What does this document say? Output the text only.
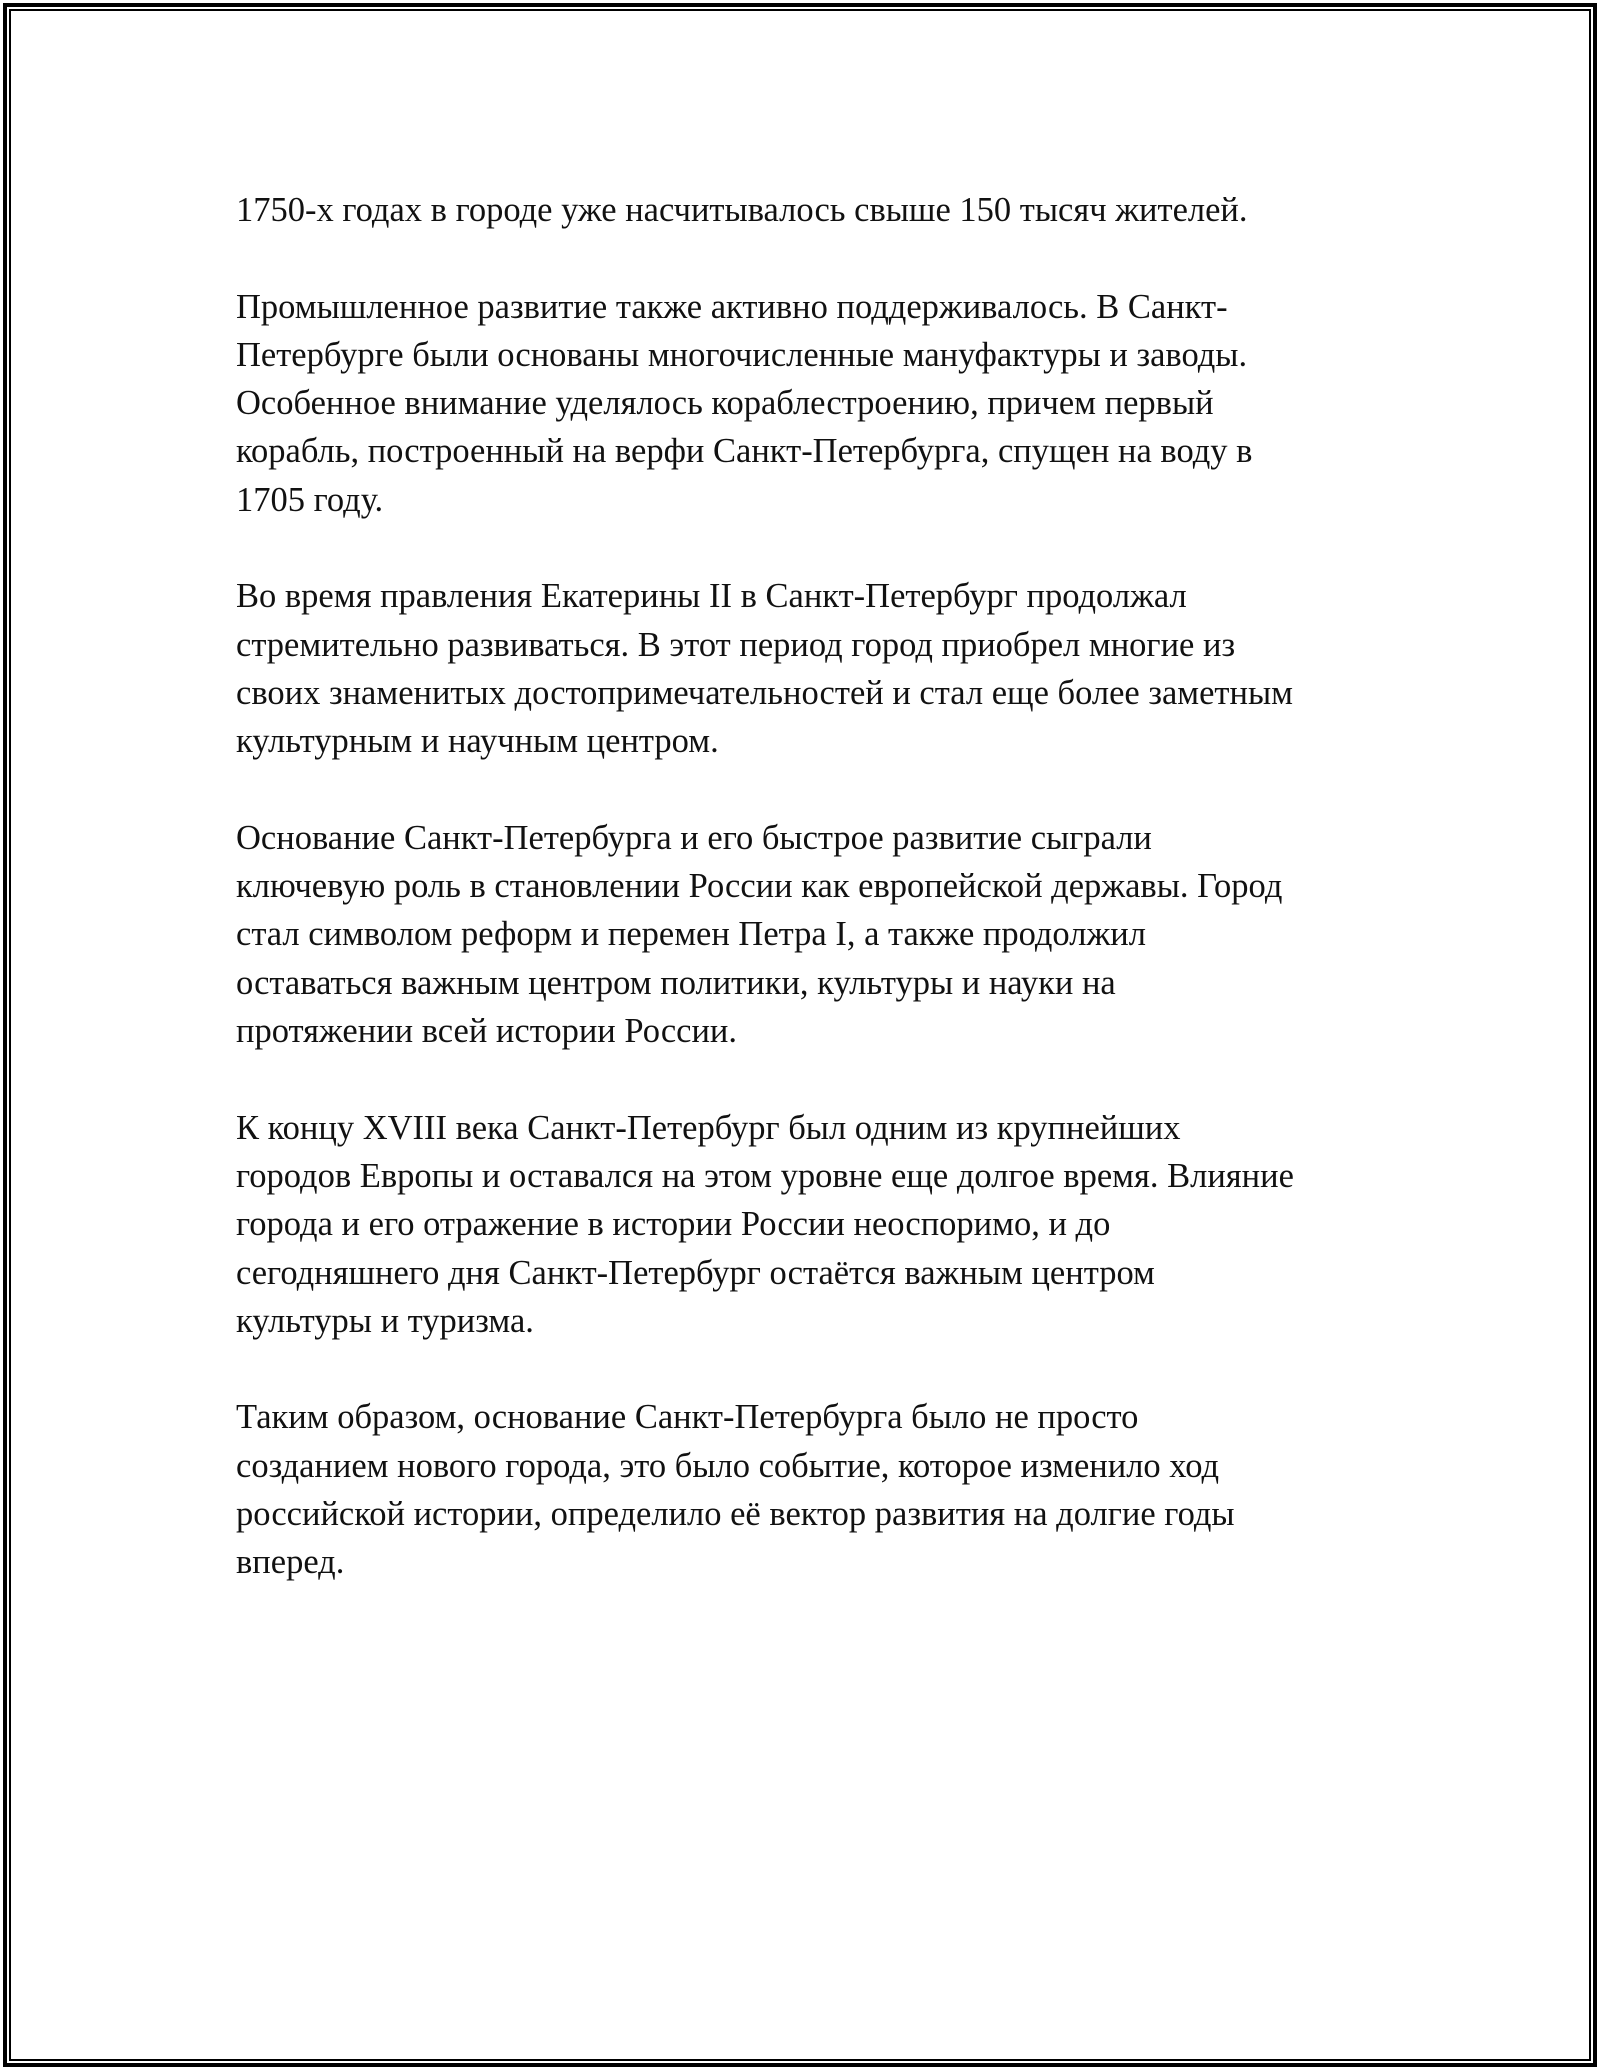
1750-х годах в городе уже насчитывалось свыше 150 тысяч жителей.

Промышленное развитие также активно поддерживалось. В Санкт-
Петербурге были основаны многочисленные мануфактуры и заводы.
Особенное внимание уделялось кораблестроению, причем первый
корабль, построенный на верфи Санкт-Петербурга, спущен на воду в
1705 году.

Во время правления Екатерины II в Санкт-Петербург продолжал
стремительно развиваться. В этот период город приобрел многие из
своих знаменитых достопримечательностей и стал еще более заметным
культурным и научным центром.

Основание Санкт-Петербурга и его быстрое развитие сыграли
ключевую роль в становлении России как европейской державы. Город
стал символом реформ и перемен Петра I, а также продолжил
оставаться важным центром политики, культуры и науки на
протяжении всей истории России.

К концу XVIII века Санкт-Петербург был одним из крупнейших
городов Европы и оставался на этом уровне еще долгое время. Влияние
города и его отражение в истории России неоспоримо, и до
сегодняшнего дня Санкт-Петербург остаётся важным центром
культуры и туризма.

Таким образом, основание Санкт-Петербурга было не просто
созданием нового города, это было событие, которое изменило ход
российской истории, определило её вектор развития на долгие годы
вперед.
